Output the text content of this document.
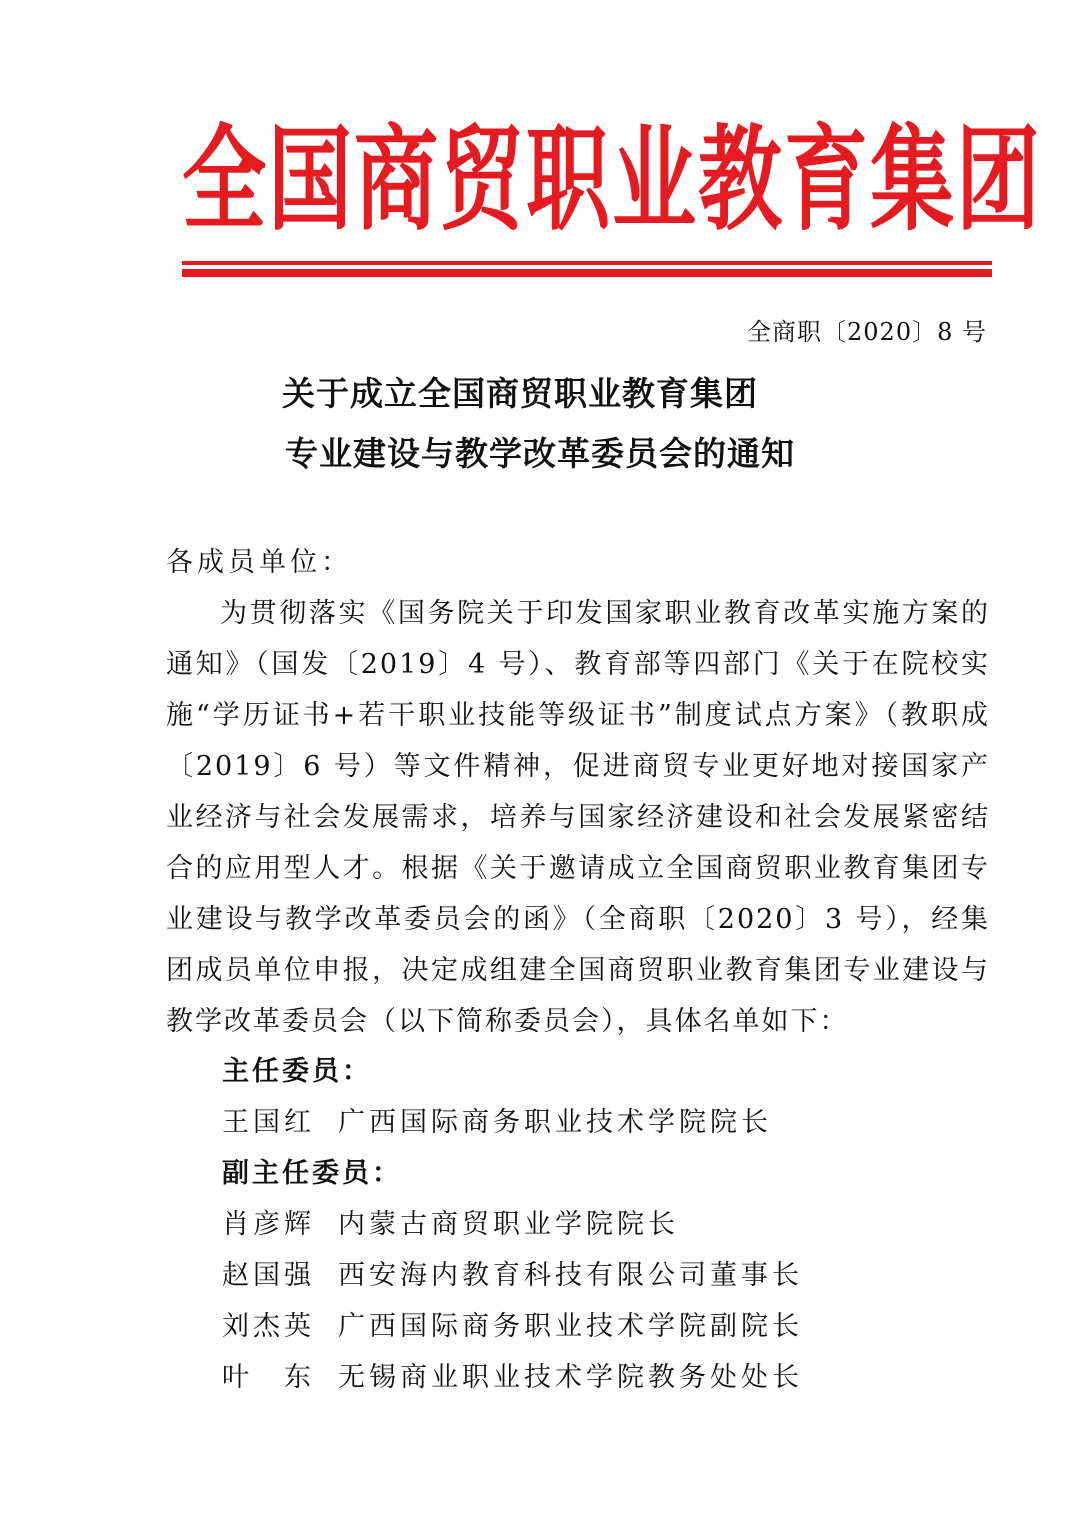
全国商贸职业教育集团
全商职〔2020〕8 号
关于成立全国商贸职业教育集团
专业建设与教学改革委员会的通知
各成员单位：

为贯彻落实《国务院关于印发国家职业教育改革实施方案的通知》（国发〔2019〕4 号）、教育部等四部门《关于在院校实施“学历证书+若干职业技能等级证书”制度试点方案》（教职成〔2019〕6 号）等文件精神，促进商贸专业更好地对接国家产业经济与社会发展需求，培养与国家经济建设和社会发展紧密结合的应用型人才。根据《关于邀请成立全国商贸职业教育集团专业建设与教学改革委员会的函》（全商职〔2020〕3 号），经集团成员单位申报，决定成组建全国商贸职业教育集团专业建设与教学改革委员会（以下简称委员会），具体名单如下：

主任委员：
王国红 广西国际商务职业技术学院院长
副主任委员：
肖彦辉 内蒙古商贸职业学院院长
赵国强 西安海内教育科技有限公司董事长
刘杰英 广西国际商务职业技术学院副院长
叶　东 无锡商业职业技术学院教务处处长
